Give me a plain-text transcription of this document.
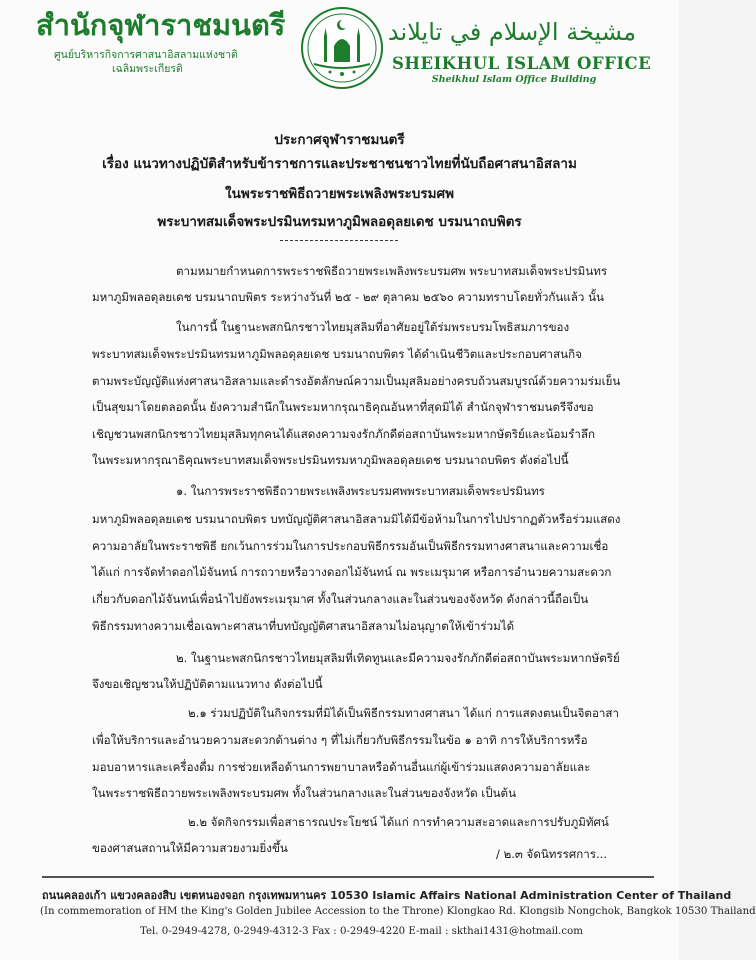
สำนักจุฬาราชมนตรี
ศูนย์บริหารกิจการศาสนาอิสลามแห่งชาติ
เฉลิมพระเกียรติ
مشيخة الإسلام في تايلاند
SHEIKHUL ISLAM OFFICE
Sheikhul Islam Office Building
ประกาศจุฬาราชมนตรี
เรื่อง แนวทางปฏิบัติสำหรับข้าราชการและประชาชนชาวไทยที่นับถือศาสนาอิสลาม
ในพระราชพิธีถวายพระเพลิงพระบรมศพ
พระบาทสมเด็จพระปรมินทรมหาภูมิพลอดุลยเดช บรมนาถบพิตร
ตามหมายกำหนดการพระราชพิธีถวายพระเพลิงพระบรมศพ พระบาทสมเด็จพระปรมินทร
มหาภูมิพลอดุลยเดช บรมนาถบพิตร ระหว่างวันที่ ๒๕ - ๒๙ ตุลาคม ๒๕๖๐ ความทราบโดยทั่วกันแล้ว นั้น
ในการนี้ ในฐานะพสกนิกรชาวไทยมุสลิมที่อาศัยอยู่ใต้ร่มพระบรมโพธิสมภารของ
พระบาทสมเด็จพระปรมินทรมหาภูมิพลอดุลยเดช บรมนาถบพิตร ได้ดำเนินชีวิตและประกอบศาสนกิจ
ตามพระบัญญัติแห่งศาสนาอิสลามและดำรงอัตลักษณ์ความเป็นมุสลิมอย่างครบถ้วนสมบูรณ์ด้วยความร่มเย็น
เป็นสุขมาโดยตลอดนั้น ยังความสำนึกในพระมหากรุณาธิคุณอันหาที่สุดมิได้ สำนักจุฬาราชมนตรีจึงขอ
เชิญชวนพสกนิกรชาวไทยมุสลิมทุกคนได้แสดงความจงรักภักดีต่อสถาบันพระมหากษัตริย์และน้อมรำลึก
ในพระมหากรุณาธิคุณพระบาทสมเด็จพระปรมินทรมหาภูมิพลอดุลยเดช บรมนาถบพิตร ดังต่อไปนี้
๑. ในการพระราชพิธีถวายพระเพลิงพระบรมศพพระบาทสมเด็จพระปรมินทร
มหาภูมิพลอดุลยเดช บรมนาถบพิตร บทบัญญัติศาสนาอิสลามมิได้มีข้อห้ามในการไปปรากฏตัวหรือร่วมแสดง
ความอาลัยในพระราชพิธี ยกเว้นการร่วมในการประกอบพิธีกรรมอันเป็นพิธีกรรมทางศาสนาและความเชื่อ
ได้แก่ การจัดทำดอกไม้จันทน์ การถวายหรือวางดอกไม้จันทน์ ณ พระเมรุมาศ หรือการอำนวยความสะดวก
เกี่ยวกับดอกไม้จันทน์เพื่อนำไปยังพระเมรุมาศ ทั้งในส่วนกลางและในส่วนของจังหวัด ดังกล่าวนี้ถือเป็น
พิธีกรรมทางความเชื่อเฉพาะศาสนาที่บทบัญญัติศาสนาอิสลามไม่อนุญาตให้เข้าร่วมได้
๒. ในฐานะพสกนิกรชาวไทยมุสลิมที่เทิดทูนและมีความจงรักภักดีต่อสถาบันพระมหากษัตริย์
จึงขอเชิญชวนให้ปฏิบัติตามแนวทาง ดังต่อไปนี้
๒.๑ ร่วมปฏิบัติในกิจกรรมที่มิได้เป็นพิธีกรรมทางศาสนา ได้แก่ การแสดงตนเป็นจิตอาสา
เพื่อให้บริการและอำนวยความสะดวกด้านต่าง ๆ ที่ไม่เกี่ยวกับพิธีกรรมในข้อ ๑ อาทิ การให้บริการหรือ
มอบอาหารและเครื่องดื่ม การช่วยเหลือด้านการพยาบาลหรือด้านอื่นแก่ผู้เข้าร่วมแสดงความอาลัยและ
ในพระราชพิธีถวายพระเพลิงพระบรมศพ ทั้งในส่วนกลางและในส่วนของจังหวัด เป็นต้น
๒.๒ จัดกิจกรรมเพื่อสาธารณประโยชน์ ได้แก่ การทำความสะอาดและการปรับภูมิทัศน์
ของศาสนสถานให้มีความสวยงามยิ่งขึ้น	/ ๒.๓ จัดนิทรรศการ...
ถนนคลองเก้า แขวงคลองสิบ เขตหนองจอก กรุงเทพมหานคร 10530 Islamic Affairs National Administration Center of Thailand
(In commemoration of HM the King's Golden Jubilee Accession to the Throne) Klongkao Rd. Klongsib Nongchok, Bangkok 10530 Thailand
Tel. 0-2949-4278, 0-2949-4312-3 Fax : 0-2949-4220 E-mail : skthai1431@hotmail.com
